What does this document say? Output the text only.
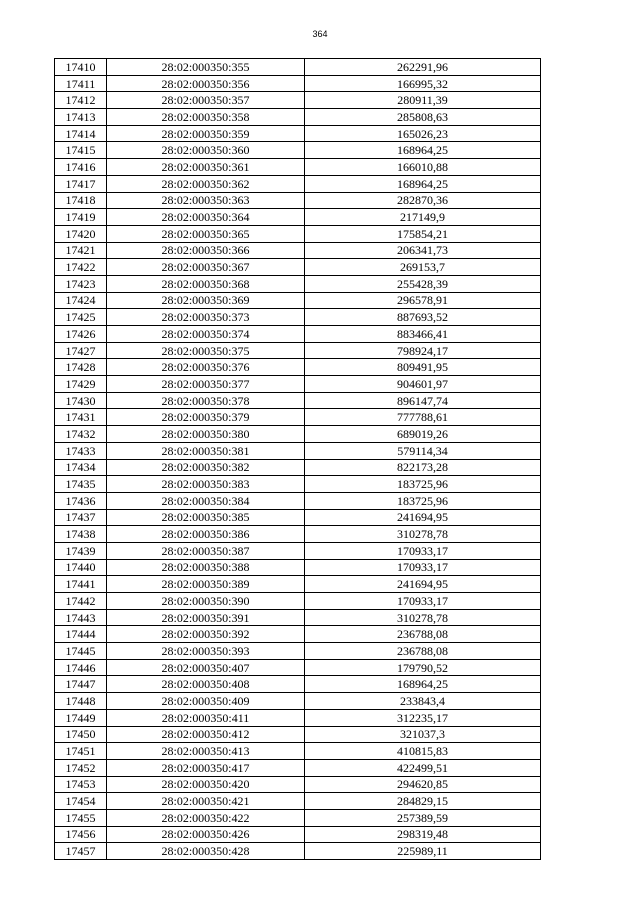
364
17410	28:02:000350:355	262291,96
17411	28:02:000350:356	166995,32
17412	28:02:000350:357	280911,39
17413	28:02:000350:358	285808,63
17414	28:02:000350:359	165026,23
17415	28:02:000350:360	168964,25
17416	28:02:000350:361	166010,88
17417	28:02:000350:362	168964,25
17418	28:02:000350:363	282870,36
17419	28:02:000350:364	217149,9
17420	28:02:000350:365	175854,21
17421	28:02:000350:366	206341,73
17422	28:02:000350:367	269153,7
17423	28:02:000350:368	255428,39
17424	28:02:000350:369	296578,91
17425	28:02:000350:373	887693,52
17426	28:02:000350:374	883466,41
17427	28:02:000350:375	798924,17
17428	28:02:000350:376	809491,95
17429	28:02:000350:377	904601,97
17430	28:02:000350:378	896147,74
17431	28:02:000350:379	777788,61
17432	28:02:000350:380	689019,26
17433	28:02:000350:381	579114,34
17434	28:02:000350:382	822173,28
17435	28:02:000350:383	183725,96
17436	28:02:000350:384	183725,96
17437	28:02:000350:385	241694,95
17438	28:02:000350:386	310278,78
17439	28:02:000350:387	170933,17
17440	28:02:000350:388	170933,17
17441	28:02:000350:389	241694,95
17442	28:02:000350:390	170933,17
17443	28:02:000350:391	310278,78
17444	28:02:000350:392	236788,08
17445	28:02:000350:393	236788,08
17446	28:02:000350:407	179790,52
17447	28:02:000350:408	168964,25
17448	28:02:000350:409	233843,4
17449	28:02:000350:411	312235,17
17450	28:02:000350:412	321037,3
17451	28:02:000350:413	410815,83
17452	28:02:000350:417	422499,51
17453	28:02:000350:420	294620,85
17454	28:02:000350:421	284829,15
17455	28:02:000350:422	257389,59
17456	28:02:000350:426	298319,48
17457	28:02:000350:428	225989,11
